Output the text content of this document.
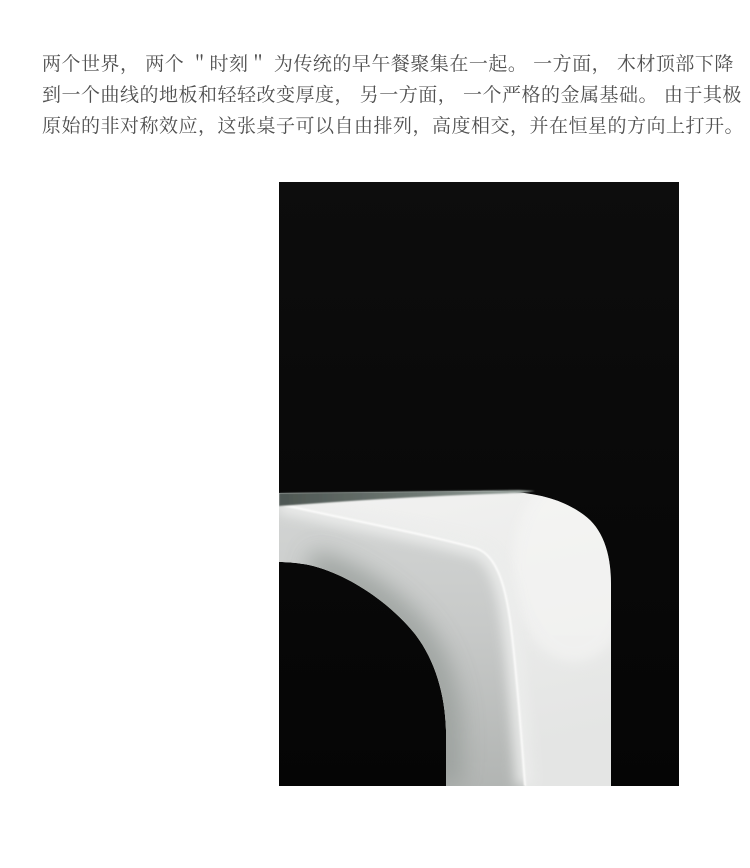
两个世界， 两个 ＂时刻＂ 为传统的早午餐聚集在一起。 一方面， 木材顶部下降

到一个曲线的地板和轻轻改变厚度， 另一方面， 一个严格的金属基础。 由于其极

原始的非对称效应，这张桌子可以自由排列，高度相交，并在恒星的方向上打开。
